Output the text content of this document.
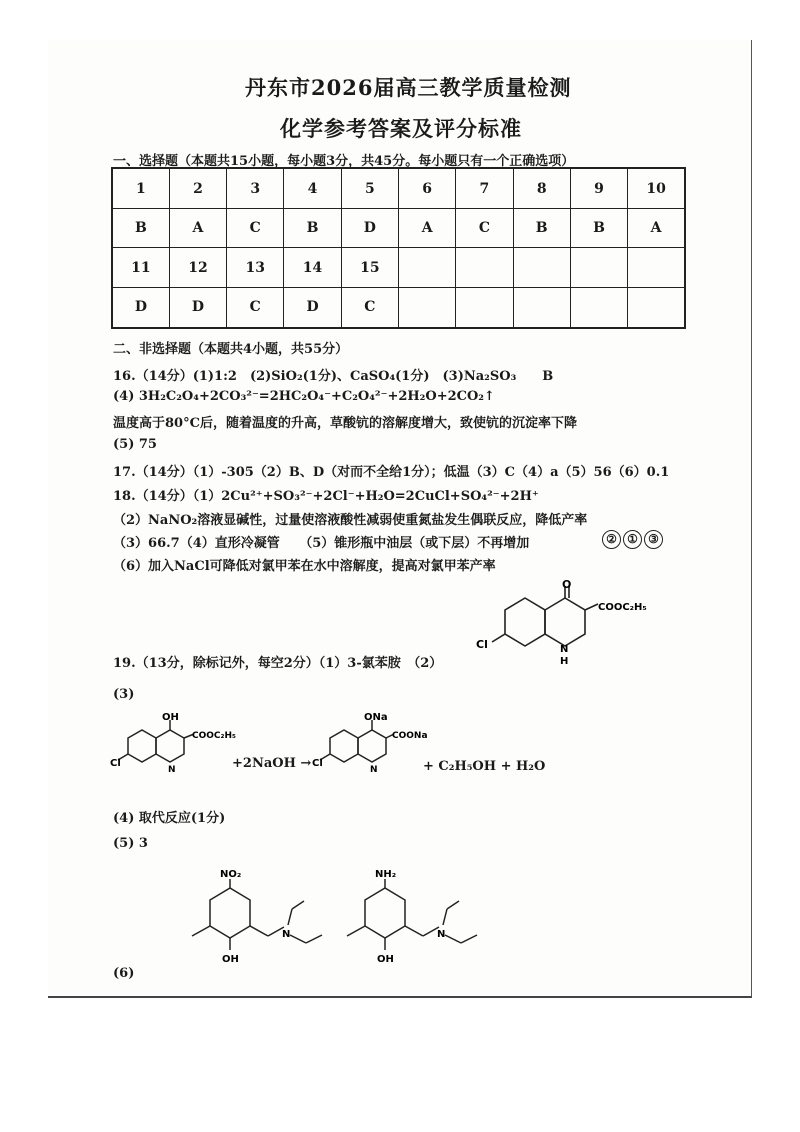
丹东市2026届高三教学质量检测
化学参考答案及评分标准
一、选择题（本题共15小题，每小题3分，共45分。每小题只有一个正确选项）
1	2	3	4	5	6	7	8	9	10
B	A	C	B	D	A	C	B	B	A
11	12	13	14	15					
D	D	C	D	C					
二、非选择题（本题共4小题，共55分）
16.（14分）(1)1:2　(2)SiO₂(1分)、CaSO₄(1分)　(3)Na₂SO₃　　B
(4) 3H₂C₂O₄+2CO₃²⁻=2HC₂O₄⁻+C₂O₄²⁻+2H₂O+2CO₂↑
温度高于80°C后，随着温度的升高，草酸钪的溶解度增大，致使钪的沉淀率下降
(5) 75
17.（14分）（1）-305（2）B、D（对而不全给1分）；低温（3）C（4）a（5）56（6）0.1
18.（14分）（1）2Cu²⁺+SO₃²⁻+2Cl⁻+H₂O=2CuCl+SO₄²⁻+2H⁺
（2）NaNO₂溶液显碱性，过量使溶液酸性减弱使重氮盐发生偶联反应，降低产率
（3）66.7（4）直形冷凝管　　（5）锥形瓶中油层（或下层）不再增加	② ① ③
（6）加入NaCl可降低对氯甲苯在水中溶解度，提高对氯甲苯产率
19.（13分，除标记外，每空2分）（1）3-氯苯胺　（2）
O
COOC₂H₅
Cl	N
H
(3)
OH
COOC₂H₅
Cl
N	+2NaOH →
ONa
COONa
Cl
N	+ C₂H₅OH + H₂O
(4) 取代反应(1分)
(5) 3
NO₂
OH
N
NH₂
OH
N
(6)
